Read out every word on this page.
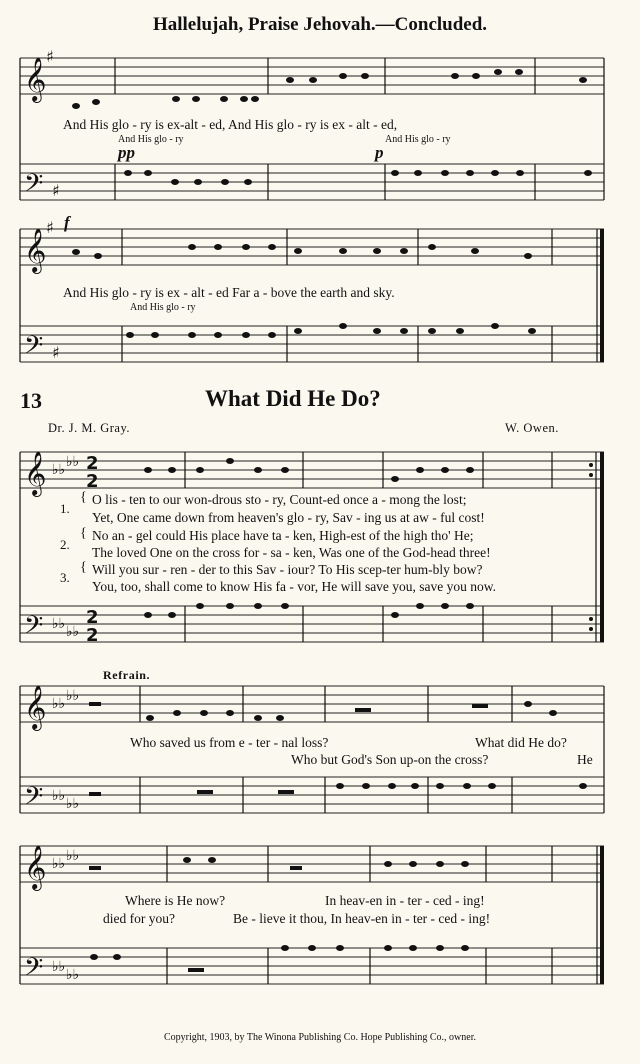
𝄞
𝄢
𝄞
𝄢
𝄞
𝄢
𝄞
𝄢
𝄞
𝄢
♯
♯
♯
♯
♭♭ ♭♭
♭♭ ♭♭
♭♭ ♭♭
♭♭ ♭♭
♭♭ ♭♭
♭♭ ♭♭
2
2
2
2
Hallelujah, Praise Jehovah.—Concluded.
And His glo - ry is ex-alt - ed, And His glo - ry is ex - alt - ed,
And His glo - ry	And His glo - ry
pp	p
f
And His glo - ry is ex - alt - ed Far a - bove the earth and sky.
And His glo - ry
13	What Did He Do?
Dr. J. M. Gray.	W. Owen.
1.
{ O lis - ten to our won-drous sto - ry, Count-ed once a - mong the lost;
Yet, One came down from heaven's glo - ry, Sav - ing us at aw - ful cost!
2.
{ No an - gel could His place have ta - ken, High-est of the high tho' He;
The loved One on the cross for - sa - ken, Was one of the God-head three!
3.
{ Will you sur - ren - der to this Sav - iour? To His scep-ter hum-bly bow?
You, too, shall come to know His fa - vor, He will save you, save you now.
Refrain.
Who saved us from e - ter - nal loss?	What did He do?
Who but God's Son up-on the cross?	He
Where is He now?	In heav-en in - ter - ced - ing!
died for you?	Be - lieve it thou, In heav-en in - ter - ced - ing!
Copyright, 1903, by The Winona Publishing Co. Hope Publishing Co., owner.
